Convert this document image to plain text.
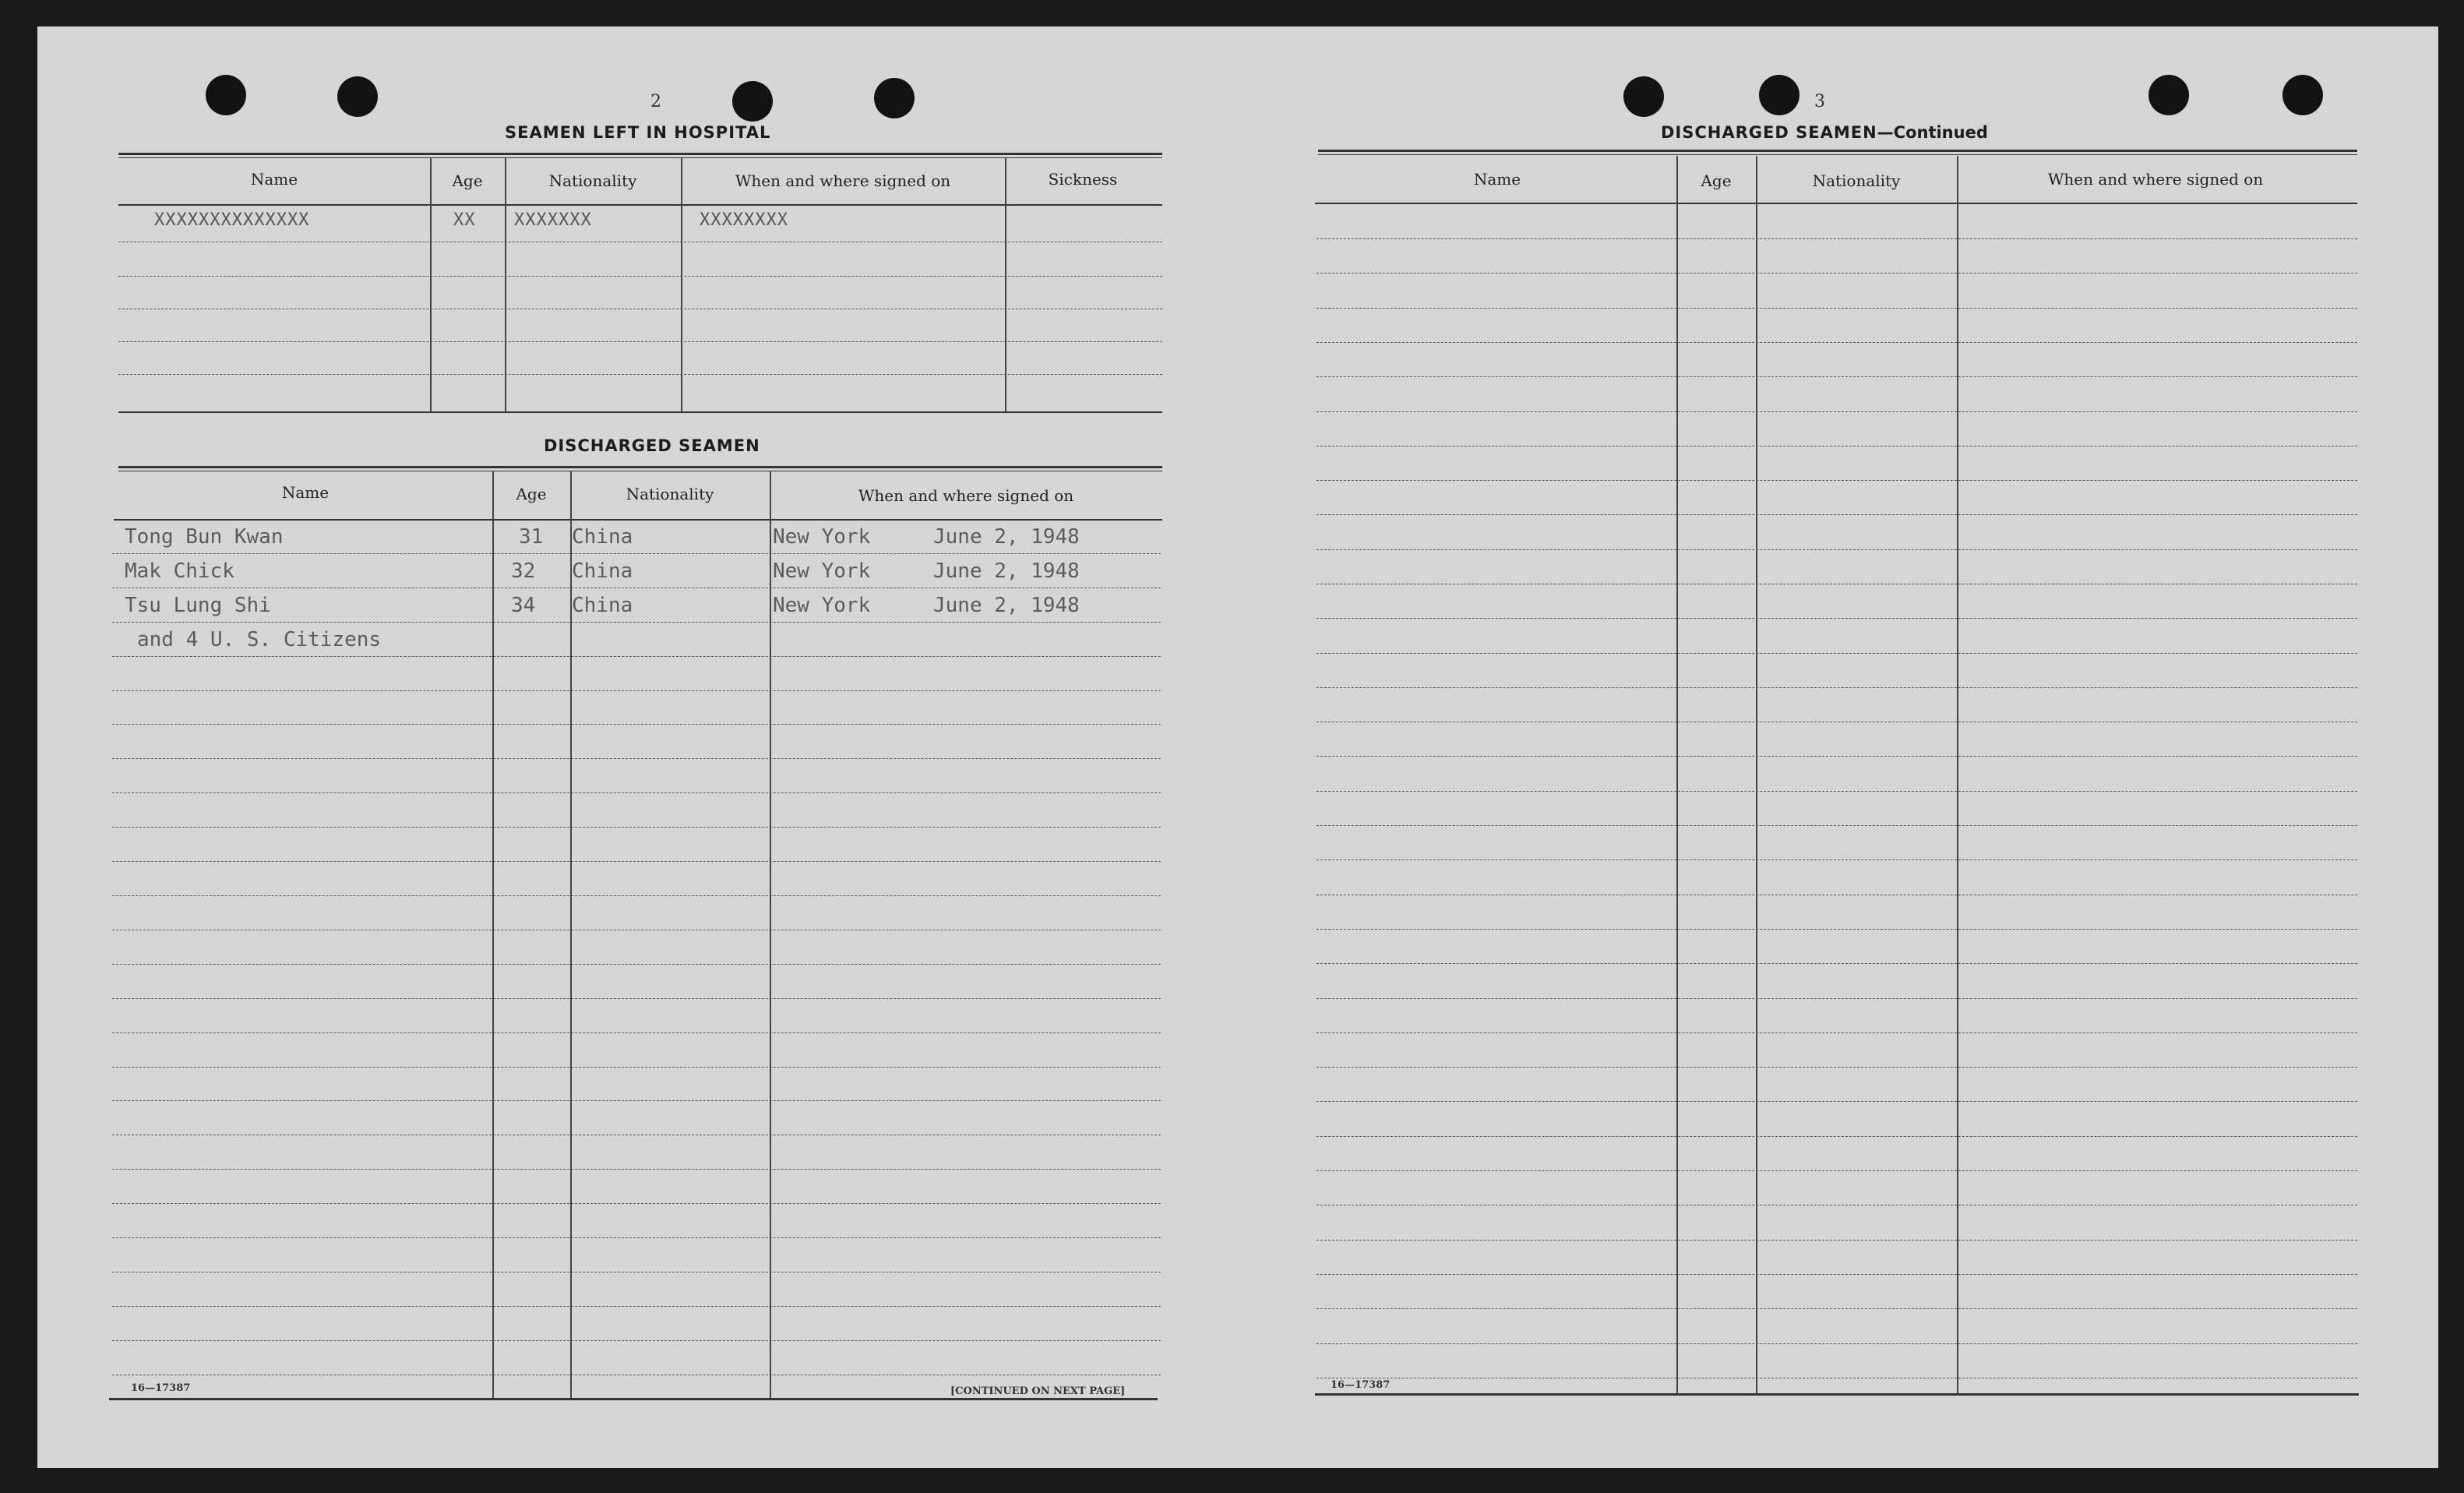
2
SEAMEN LEFT IN HOSPITAL
Name	Age	Nationality	When and where signed on	Sickness
XXXXXXXXXXXXXX	XX XXXXXXX	XXXXXXXX
DISCHARGED SEAMEN
Name	Age	Nationality	When and where signed on
Tong Bun Kwan	31 China	New York	June 2, 1948
Mak Chick	32 China	New York	June 2, 1948
Tsu Lung Shi	34 China	New York	June 2, 1948
and 4 U. S. Citizens
16—17387	[CONTINUED ON NEXT PAGE]
3
DISCHARGED SEAMEN—Continued
Name	Age	Nationality	When and where signed on
16—17387
